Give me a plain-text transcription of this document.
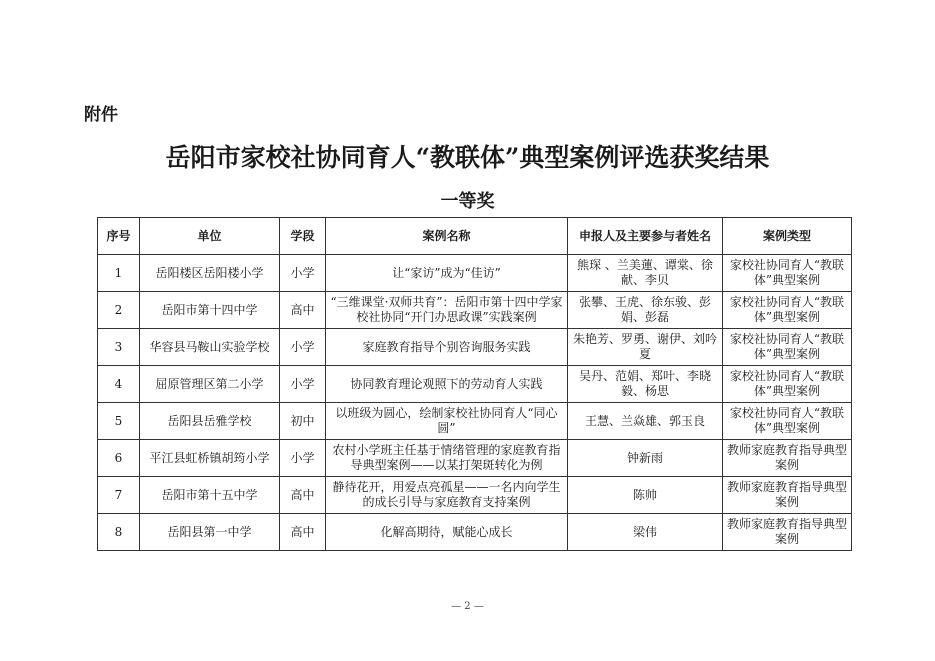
附件
岳阳市家校社协同育人“教联体”典型案例评选获奖结果
一等奖
序号	单位	学段	案例名称	申报人及主要参与者姓名	案例类型
1	岳阳楼区岳阳楼小学	小学	让“家访”成为“佳访”	熊琛 、兰美蓮、谭棠、徐献、李贝	家校社协同育人“教联体”典型案例
2	岳阳市第十四中学	高中	“三维课堂·双师共育”：岳阳市第十四中学家校社协同“开门办思政课”实践案例	张攀、王虎、徐东骏、彭娟、彭磊	家校社协同育人“教联体”典型案例
3	华容县马鞍山实验学校	小学	家庭教育指导个别咨询服务实践	朱艳芳、罗勇、谢伊、刘吟夏	家校社协同育人“教联体”典型案例
4	屈原管理区第二小学	小学	协同教育理论观照下的劳动育人实践	吴丹、范娟、郑叶、李晓毅、杨思	家校社协同育人“教联体”典型案例
5	岳阳县岳雅学校	初中	以班级为圆心，绘制家校社协同育人“同心圆”	王慧、兰焱雄、郭玉良	家校社协同育人“教联体”典型案例
6	平江县虹桥镇胡筠小学	小学	农村小学班主任基于情绪管理的家庭教育指导典型案例——以某打架斑转化为例	钟新雨	教师家庭教育指导典型案例
7	岳阳市第十五中学	高中	静待花开，用爱点亮孤星——一名内向学生的成长引导与家庭教育支持案例	陈帅	教师家庭教育指导典型案例
8	岳阳县第一中学	高中	化解高期待，赋能心成长	梁伟	教师家庭教育指导典型案例
— 2 —
